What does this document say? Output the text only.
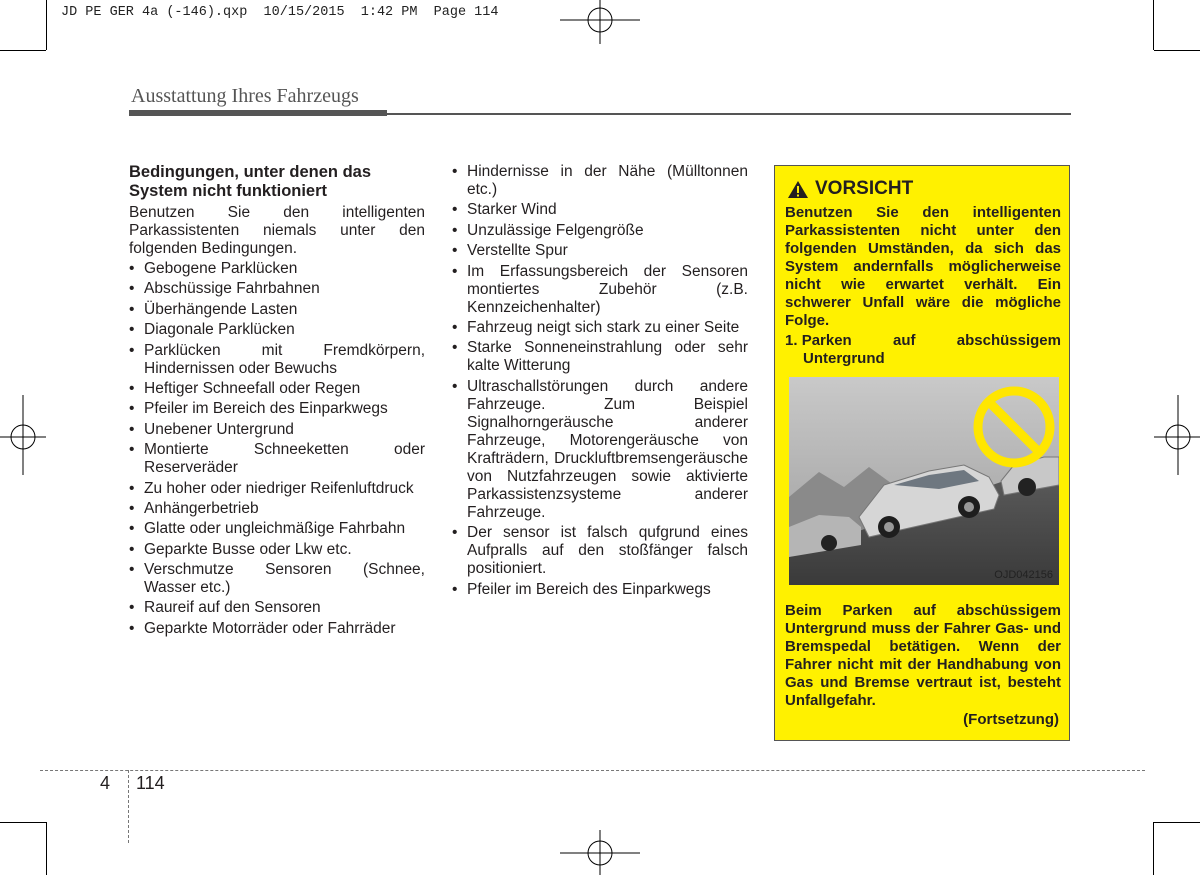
JD PE GER 4a (-146).qxp  10/15/2015  1:42 PM  Page 114
Ausstattung Ihres Fahrzeugs
Bedingungen, unter denen das System nicht funktioniert
Benutzen Sie den intelligenten Parkassistenten niemals unter den folgenden Bedingungen.
• Gebogene Parklücken
• Abschüssige Fahrbahnen
• Überhängende Lasten
• Diagonale Parklücken
• Parklücken mit Fremdkörpern, Hindernissen oder Bewuchs
• Heftiger Schneefall oder Regen
• Pfeiler im Bereich des Einparkwegs
• Unebener Untergrund
• Montierte Schneeketten oder Reserveräder
• Zu hoher oder niedriger Reifenluftdruck
• Anhängerbetrieb
• Glatte oder ungleichmäßige Fahrbahn
• Geparkte Busse oder Lkw etc.
• Verschmutze Sensoren (Schnee, Wasser etc.)
• Raureif auf den Sensoren
• Geparkte Motorräder oder Fahrräder
• Hindernisse in der Nähe (Mülltonnen etc.)
• Starker Wind
• Unzulässige Felgengröße
• Verstellte Spur
• Im Erfassungsbereich der Sensoren montiertes Zubehör (z.B. Kennzeichenhalter)
• Fahrzeug neigt sich stark zu einer Seite
• Starke Sonneneinstrahlung oder sehr kalte Witterung
• Ultraschallstörungen durch andere Fahrzeuge. Zum Beispiel Signalhorngeräusche anderer Fahrzeuge, Motorengeräusche von Krafträdern, Druckluftbremsengeräusche von Nutzfahrzeugen sowie aktivierte Parkassistenzsysteme anderer Fahrzeuge.
• Der sensor ist falsch qufgrund eines Aufpralls auf den stoßfänger falsch positioniert.
• Pfeiler im Bereich des Einparkwegs
VORSICHT
Benutzen Sie den intelligenten Parkassistenten nicht unter den folgenden Umständen, da sich das System andernfalls möglicherweise nicht wie erwartet verhält. Ein schwerer Unfall wäre die mögliche Folge.
1. Parken	auf	abschüssigem
Untergrund
OJD042156
Beim Parken auf abschüssigem Untergrund muss der Fahrer Gas- und Bremspedal betätigen. Wenn der Fahrer nicht mit der Handhabung von Gas und Bremse vertraut ist, besteht Unfallgefahr.
(Fortsetzung)
4 114
